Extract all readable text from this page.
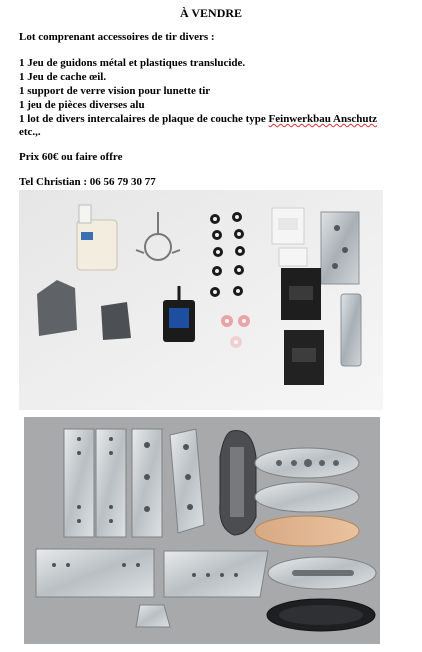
À VENDRE
Lot comprenant accessoires de tir divers :
1 Jeu de guidons métal et plastiques translucide.
1 Jeu de cache œil.
1 support de verre vision pour lunette tir
1 jeu de pièces diverses alu
1 lot de divers intercalaires de plaque de couche type Feinwerkbau Anschutz
etc.,.
Prix 60€ ou faire offre
Tel Christian : 06 56 79 30 77
